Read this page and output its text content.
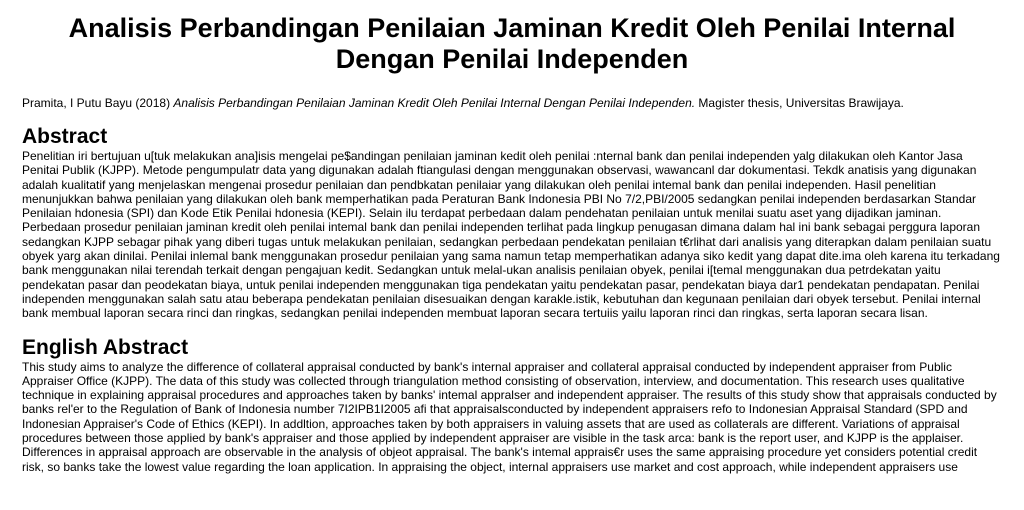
Analisis Perbandingan Penilaian Jaminan Kredit Oleh Penilai Internal Dengan Penilai Independen
Pramita, I Putu Bayu (2018) Analisis Perbandingan Penilaian Jaminan Kredit Oleh Penilai Internal Dengan Penilai Independen. Magister thesis, Universitas Brawijaya.
Abstract

Penelitian iri bertujuan u[tuk melakukan ana]isis mengelai pe$andingan penilaian jaminan kedit oleh penilai :nternal bank dan penilai independen yalg dilakukan oleh Kantor Jasa Penitai Publik (KJPP). Metode pengumpulatr data yang digunakan adalah ftiangulasi dengan menggunakan observasi, wawancanl dar dokumentasi. Tekdk anatisis yang digunakan adalah kualitatif yang menjelaskan mengenai prosedur penilaian dan pendbkatan penilaiar yang dilakukan oleh penilai intemal bank dan penilai independen. Hasil penelitian menunjukkan bahwa penilaian yang dilakukan oleh bank memperhatikan pada Peraturan Bank Indonesia PBI No 7/2,PBI/2005 sedangkan penilai independen berdasarkan Standar Penilaian hdonesia (SPI) dan Kode Etik Penilai hdonesia (KEPI). Selain ilu terdapat perbedaan dalam pendehatan penilaian untuk menilai suatu aset yang dijadikan jaminan. Perbedaan prosedur penilaian jaminan kredit oleh penilai intemal bank dan penilai independen terlihat pada lingkup penugasan dimana dalam hal ini bank sebagai perggura laporan sedangkan KJPP sebagar pihak yang diberi tugas untuk melakukan penilaian, sedangkan perbedaan pendekatan penilaian t€rlihat dari analisis yang diterapkan dalam penilaian suatu obyek yarg akan dinilai. Penilai inlemal bank menggunakan prosedur penilaian yang sama namun tetap memperhatikan adanya siko kedit yang dapat dite.ima oleh karena itu terkadang bank menggunakan nilai terendah terkait dengan pengajuan kedit. Sedangkan untuk melal-ukan analisis penilaian obyek, penilai i[temal menggunakan dua petrdekatan yaitu pendekatan pasar dan peodekatan biaya, untuk penilai independen menggunakan tiga pendekatan yaitu pendekatan pasar, pendekatan biaya dar1 pendekatan pendapatan. Penilai independen menggunakan salah satu atau beberapa pendekatan penilaian disesuaikan dengan karakle.istik, kebutuhan dan kegunaan penilaian dari obyek tersebut. Penilai internal bank membual laporan secara rinci dan ringkas, sedangkan penilai independen membuat laporan secara tertuiis yailu laporan rinci dan ringkas, serta laporan secara lisan.

English Abstract

This study aims to analyze the difference of collateral appraisal conducted by bank's internal appraiser and collateral appraisal conducted by independent appraiser from Public Appraiser Office (KJPP). The data of this study was collected through triangulation method consisting of observation, interview, and documentation. This research uses qualitative technique in explaining appraisal procedures and approaches taken by banks' intemal appralser and independent appraiser. The results of this study show that appraisals conducted by banks rel'er to the Regulation of Bank of Indonesia number 7I2IPB1I2005 afi that appraisalsconducted by independent appraisers refo to Indonesian Appraisal Standard (SPD and Indonesian Appraiser's Code of Ethics (KEPI). In addltion, approaches taken by both appraisers in valuing assets that are used as collaterals are different. Variations of appraisal procedures between those applied by bank's appraiser and those applied by independent appraiser are visible in the task arca: bank is the report user, and KJPP is the applaiser. Differences in appraisal approach are observable in the analysis of objeot appraisal. The bank's intemal apprais€r uses the same appraising procedure yet considers potential credit risk, so banks take the lowest value regarding the loan application. In appraising the object, internal appraisers use market and cost approach, while independent appraisers use
